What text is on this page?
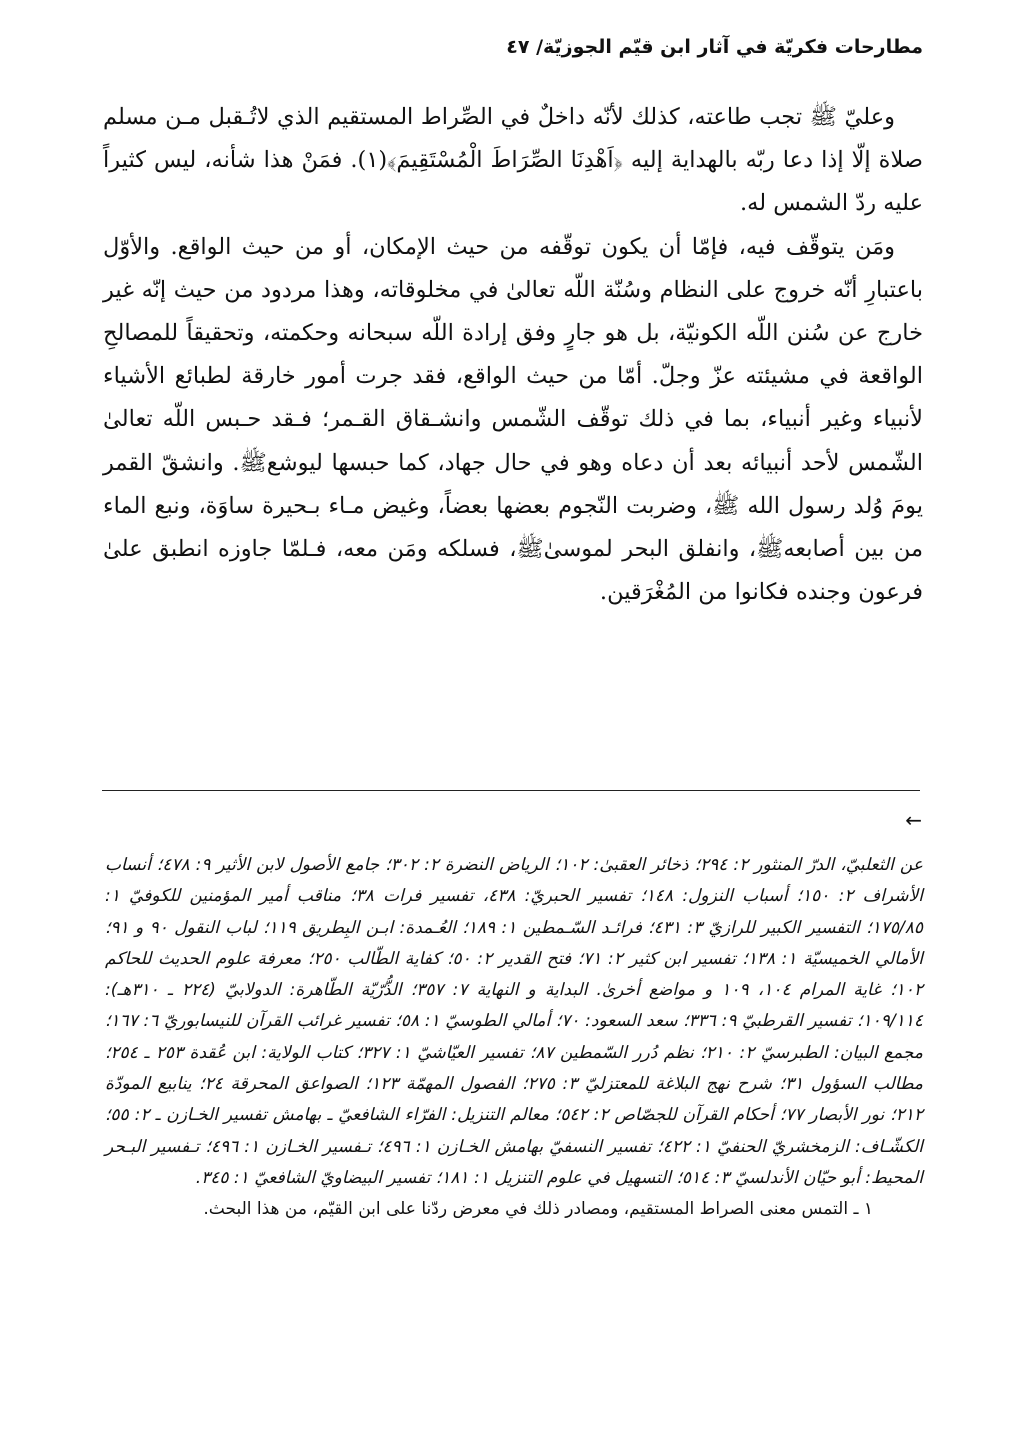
مطارحات فكريّة في آثار ابن قيّم الجوزيّة/ ٤٧

وعليّ ﷺ تجب طاعته، كذلك لأنّه داخلٌ في الصِّراط المستقيم الذي لاتُـقبل مـن مسلم صلاة إلّا إذا دعا ربّه بالهداية إليه ﴿اَهْدِنَا الصِّرَاطَ الْمُسْتَقِيمَ﴾(١). فمَنْ هذا شأنه، ليس كثيراً عليه ردّ الشمس له.

ومَن يتوقّف فيه، فإمّا أن يكون توقّفه من حيث الإمكان، أو من حيث الواقع. والأوّل باعتبارِ أنّه خروج على النظام وسُنّة اللّه تعالىٰ في مخلوقاته، وهذا مردود من حيث إنّه غير خارج عن سُنن اللّه الكونيّة، بل هو جارٍ وفق إرادة اللّه سبحانه وحكمته، وتحقيقاً للمصالحِ الواقعة في مشيئته عزّ وجلّ. أمّا من حيث الواقع، فقد جرت أمور خارقة لطبائع الأشياء لأنبياء وغير أنبياء، بما في ذلك توقّف الشّمس وانشـقاق القـمر؛ فـقد حـبس اللّه تعالىٰ الشّمس لأحد أنبيائه بعد أن دعاه وهو في حال جهاد، كما حبسها ليوشعﷺ. وانشقّ القمر يومَ وُلد رسول الله ﷺ، وضربت النّجوم بعضها بعضاً، وغيض مـاء بـحيرة ساوَة، ونبع الماء من بين أصابعهﷺ، وانفلق البحر لموسىٰﷺ، فسلكه ومَن معه، فـلمّا جاوزه انطبق علىٰ فرعون وجنده فكانوا من المُغْرَقين.

←

عن الثعلبيّ، الدرّ المنثور ٢: ٢٩٤؛ ذخائر العقبىٰ: ١٠٢؛ الرياض النضرة ٢: ٣٠٢؛ جامع الأصول لابن الأثير ٩: ٤٧٨؛ أنساب الأشراف ٢: ١٥٠؛ أسباب النزول: ١٤٨؛ تفسير الحبريّ: ٤٣٨، تفسير فرات ٣٨؛ مناقب أمير المؤمنين للكوفيّ ١: ١٧٥/٨٥؛ التفسير الكبير للرازيّ ٣: ٤٣١؛ فرائـد السّـمطين ١: ١٨٩؛ العُـمدة: ابـن البِطريق ١١٩؛ لباب النقول ٩٠ و ٩١؛ الأمالي الخميسيّة ١: ١٣٨؛ تفسير ابن كثير ٢: ٧١؛ فتح القدير ٢: ٥٠؛ كفاية الطّالب ٢٥٠؛ معرفة علوم الحديث للحاكم ١٠٢؛ غاية المرام ١٠٤، ١٠٩ و مواضع أخرىٰ. البداية و النهاية ٧: ٣٥٧؛ الذُّرّيّة الطّاهرة: الدولابيّ (٢٢٤ ـ ٣١٠هـ): ١٠٩/١١٤؛ تفسير القرطبيّ ٩: ٣٣٦؛ سعد السعود: ٧٠؛ أمالي الطوسيّ ١: ٥٨؛ تفسير غرائب القرآن للنيسابوريّ ٦: ١٦٧؛ مجمع البيان: الطبرسيّ ٢: ٢١٠؛ نظم دُرر السّمطين ٨٧؛ تفسير العيّاشيّ ١: ٣٢٧؛ كتاب الولاية: ابن عُقدة ٢٥٣ ـ ٢٥٤؛ مطالب السؤول ٣١؛ شرح نهج البلاغة للمعتزليّ ٣: ٢٧٥؛ الفصول المهمّة ١٢٣؛ الصواعق المحرقة ٢٤؛ ينابيع المودّة ٢١٢؛ نور الأبصار ٧٧؛ أحكام القرآن للجصّاص ٢: ٥٤٢؛ معالم التنزيل: الفرّاء الشافعيّ ـ بهامش تفسير الخـازن ـ ٢: ٥٥؛ الكشّـاف: الزمخشريّ الحنفيّ ١: ٤٢٢؛ تفسير النسفيّ بهامش الخـازن ١: ٤٩٦؛ تـفسير الخـازن ١: ٤٩٦؛ تـفسير البـحر المحيط: أبو حيّان الأندلسيّ ٣: ٥١٤؛ التسهيل في علوم التنزيل ١: ١٨١؛ تفسير البيضاويّ الشافعيّ ١: ٣٤٥.

١ ـ التمس معنى الصراط المستقيم، ومصادر ذلك في معرض ردّنا على ابن القيّم، من هذا البحث.
